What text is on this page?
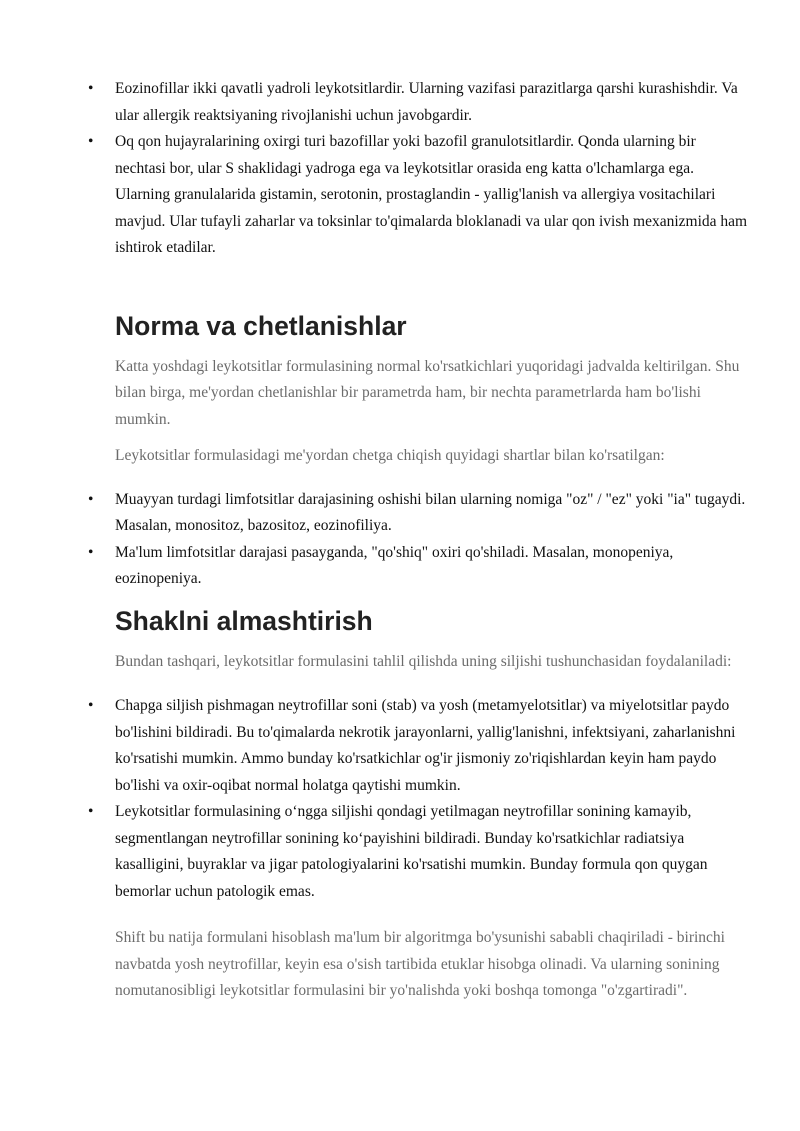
• Eozinofillar ikki qavatli yadroli leykotsitlardir. Ularning vazifasi parazitlarga qarshi kurashishdir. Va ular allergik reaktsiyaning rivojlanishi uchun javobgardir.
• Oq qon hujayralarining oxirgi turi bazofillar yoki bazofil granulotsitlardir. Qonda ularning bir nechtasi bor, ular S shaklidagi yadroga ega va leykotsitlar orasida eng katta o'lchamlarga ega. Ularning granulalarida gistamin, serotonin, prostaglandin - yallig'lanish va allergiya vositachilari mavjud. Ular tufayli zaharlar va toksinlar to'qimalarda bloklanadi va ular qon ivish mexanizmida ham ishtirok etadilar.
Norma va chetlanishlar

Katta yoshdagi leykotsitlar formulasining normal ko'rsatkichlari yuqoridagi jadvalda keltirilgan. Shu bilan birga, me'yordan chetlanishlar bir parametrda ham, bir nechta parametrlarda ham bo'lishi mumkin.

Leykotsitlar formulasidagi me'yordan chetga chiqish quyidagi shartlar bilan ko'rsatilgan:

• Muayyan turdagi limfotsitlar darajasining oshishi bilan ularning nomiga "oz" / "ez" yoki "ia" tugaydi. Masalan, monositoz, bazositoz, eozinofiliya.
• Ma'lum limfotsitlar darajasi pasayganda, "qo'shiq" oxiri qo'shiladi. Masalan, monopeniya, eozinopeniya.
Shaklni almashtirish

Bundan tashqari, leykotsitlar formulasini tahlil qilishda uning siljishi tushunchasidan foydalaniladi:

• Chapga siljish pishmagan neytrofillar soni (stab) va yosh (metamyelotsitlar) va miyelotsitlar paydo bo'lishini bildiradi. Bu to'qimalarda nekrotik jarayonlarni, yallig'lanishni, infektsiyani, zaharlanishni ko'rsatishi mumkin. Ammo bunday ko'rsatkichlar og'ir jismoniy zo'riqishlardan keyin ham paydo bo'lishi va oxir-oqibat normal holatga qaytishi mumkin.
• Leykotsitlar formulasining o‘ngga siljishi qondagi yetilmagan neytrofillar sonining kamayib, segmentlangan neytrofillar sonining ko‘payishini bildiradi. Bunday ko'rsatkichlar radiatsiya kasalligini, buyraklar va jigar patologiyalarini ko'rsatishi mumkin. Bunday formula qon quygan bemorlar uchun patologik emas.

Shift bu natija formulani hisoblash ma'lum bir algoritmga bo'ysunishi sababli chaqiriladi - birinchi navbatda yosh neytrofillar, keyin esa o'sish tartibida etuklar hisobga olinadi. Va ularning sonining nomutanosibligi leykotsitlar formulasini bir yo'nalishda yoki boshqa tomonga "o'zgartiradi".
